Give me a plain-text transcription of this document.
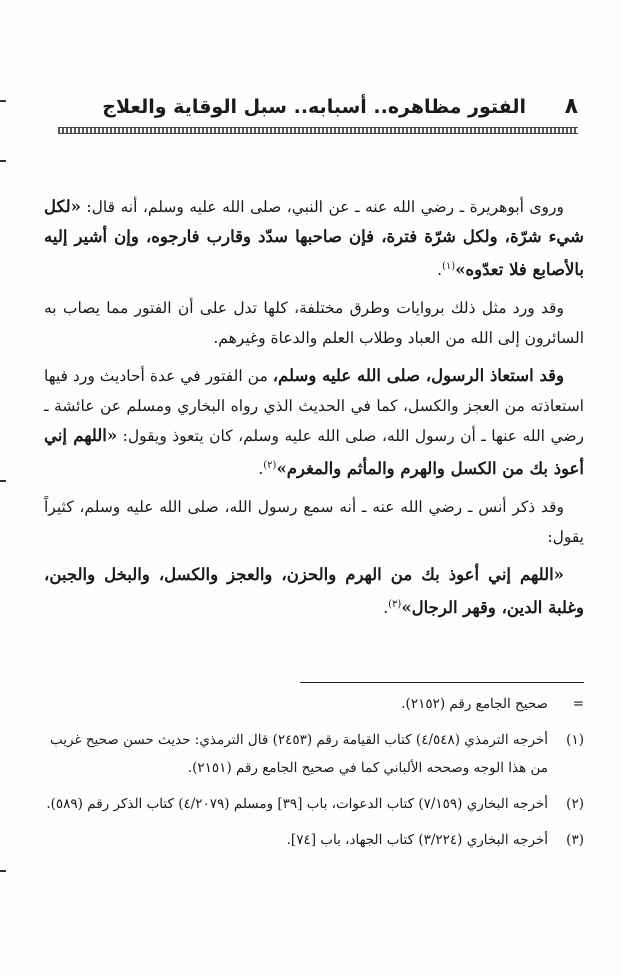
٨
الفتور مظاهره.. أسبابه.. سبل الوقاية والعلاج

وروى أبوهريرة ـ رضي الله عنه ـ عن النبي، صلى الله عليه وسلم، أنه قال: «لكل شيء شرّة، ولكل شرّة فترة، فإن صاحبها سدّد وقارب فارجوه، وإن أشير إليه بالأصابع فلا تعدّوه»$^{(١)}$.

وقد ورد مثل ذلك بروايات وطرق مختلفة، كلها تدل على أن الفتور مما يصاب به السائرون إلى الله من العباد وطلاب العلم والدعاة وغيرهم.

وقد استعاذ الرسول، صلى الله عليه وسلم، من الفتور في عدة أحاديث ورد فيها استعاذته من العجز والكسل، كما في الحديث الذي رواه البخاري ومسلم عن عائشة ـ رضي الله عنها ـ أن رسول الله، صلى الله عليه وسلم، كان يتعوذ ويقول: «اللهم إني أعوذ بك من الكسل والهرم والمأثم والمغرم»$^{(٢)}$.

وقد ذكر أنس ـ رضي الله عنه ـ أنه سمع رسول الله، صلى الله عليه وسلم، كثيراً يقول:

«اللهم إني أعوذ بك من الهرم والحزن، والعجز والكسل، والبخل والجبن، وغلبة الدين، وقهر الرجال»$^{(٣)}$.

=
صحيح الجامع رقم (٢١٥٢).
(١)
أخرجه الترمذي (٤/٥٤٨) كتاب القيامة رقم (٢٤٥٣) قال الترمذي: حديث حسن صحيح غريب من هذا الوجه وصححه الألباني كما في صحيح الجامع رقم (٢١٥١).
(٢)
أخرجه البخاري (٧/١٥٩) كتاب الدعوات، باب [٣٩] ومسلم (٤/٢٠٧٩) كتاب الذكر رقم (٥٨٩).
(٣)
أخرجه البخاري (٣/٢٢٤) كتاب الجهاد، باب [٧٤].
